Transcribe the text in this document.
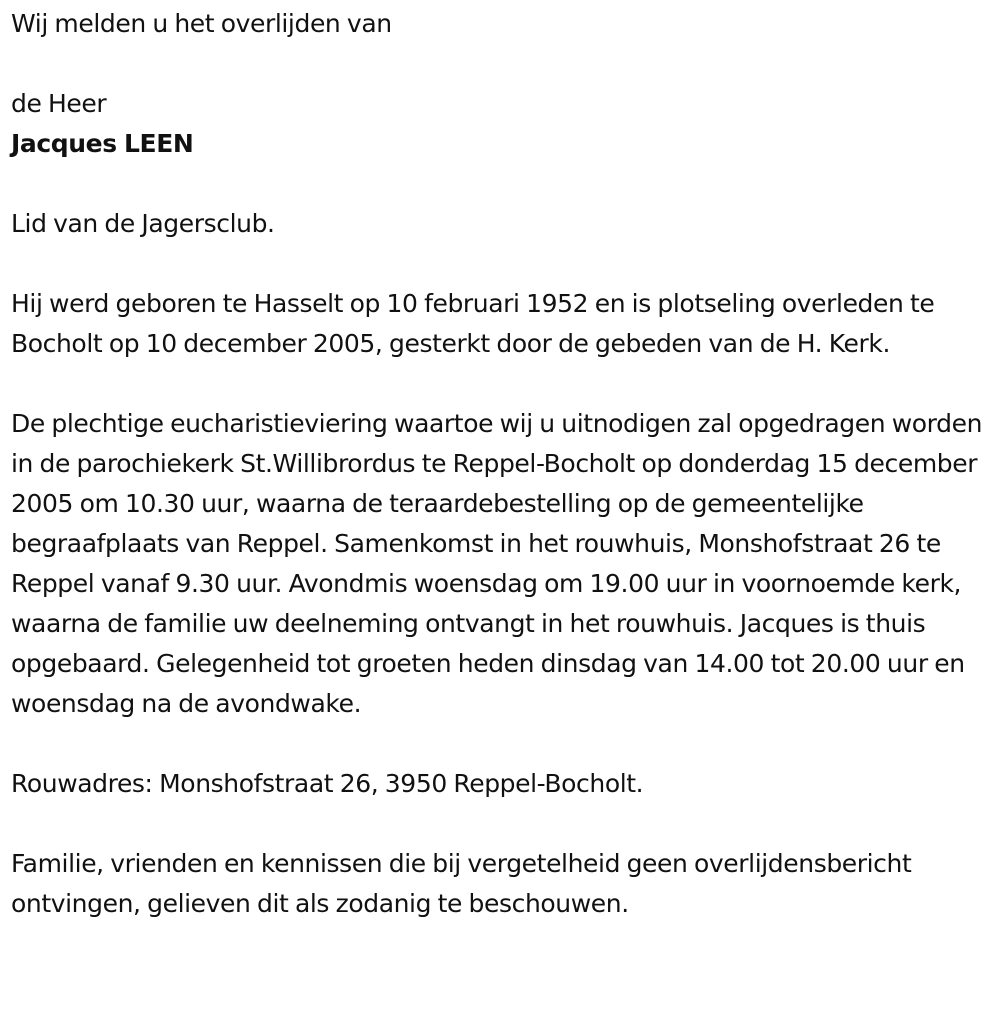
Wij melden u het overlijden van

de Heer

Jacques LEEN

Lid van de Jagersclub.

Hij werd geboren te Hasselt op 10 februari 1952 en is plotseling overleden te Bocholt op 10 december 2005, gesterkt door de gebeden van de H. Kerk.

De plechtige eucharistieviering waartoe wij u uitnodigen zal opgedragen worden in de parochiekerk St.Willibrordus te Reppel-Bocholt op donderdag 15 december 2005 om 10.30 uur, waarna de teraardebestelling op de gemeentelijke begraafplaats van Reppel. Samenkomst in het rouwhuis, Monshofstraat 26 te Reppel vanaf 9.30 uur. Avondmis woensdag om 19.00 uur in voornoemde kerk, waarna de familie uw deelneming ontvangt in het rouwhuis. Jacques is thuis opgebaard. Gelegenheid tot groeten heden dinsdag van 14.00 tot 20.00 uur en woensdag na de avondwake.

Rouwadres: Monshofstraat 26, 3950 Reppel-Bocholt.

Familie, vrienden en kennissen die bij vergetelheid geen overlijdensbericht ontvingen, gelieven dit als zodanig te beschouwen.
